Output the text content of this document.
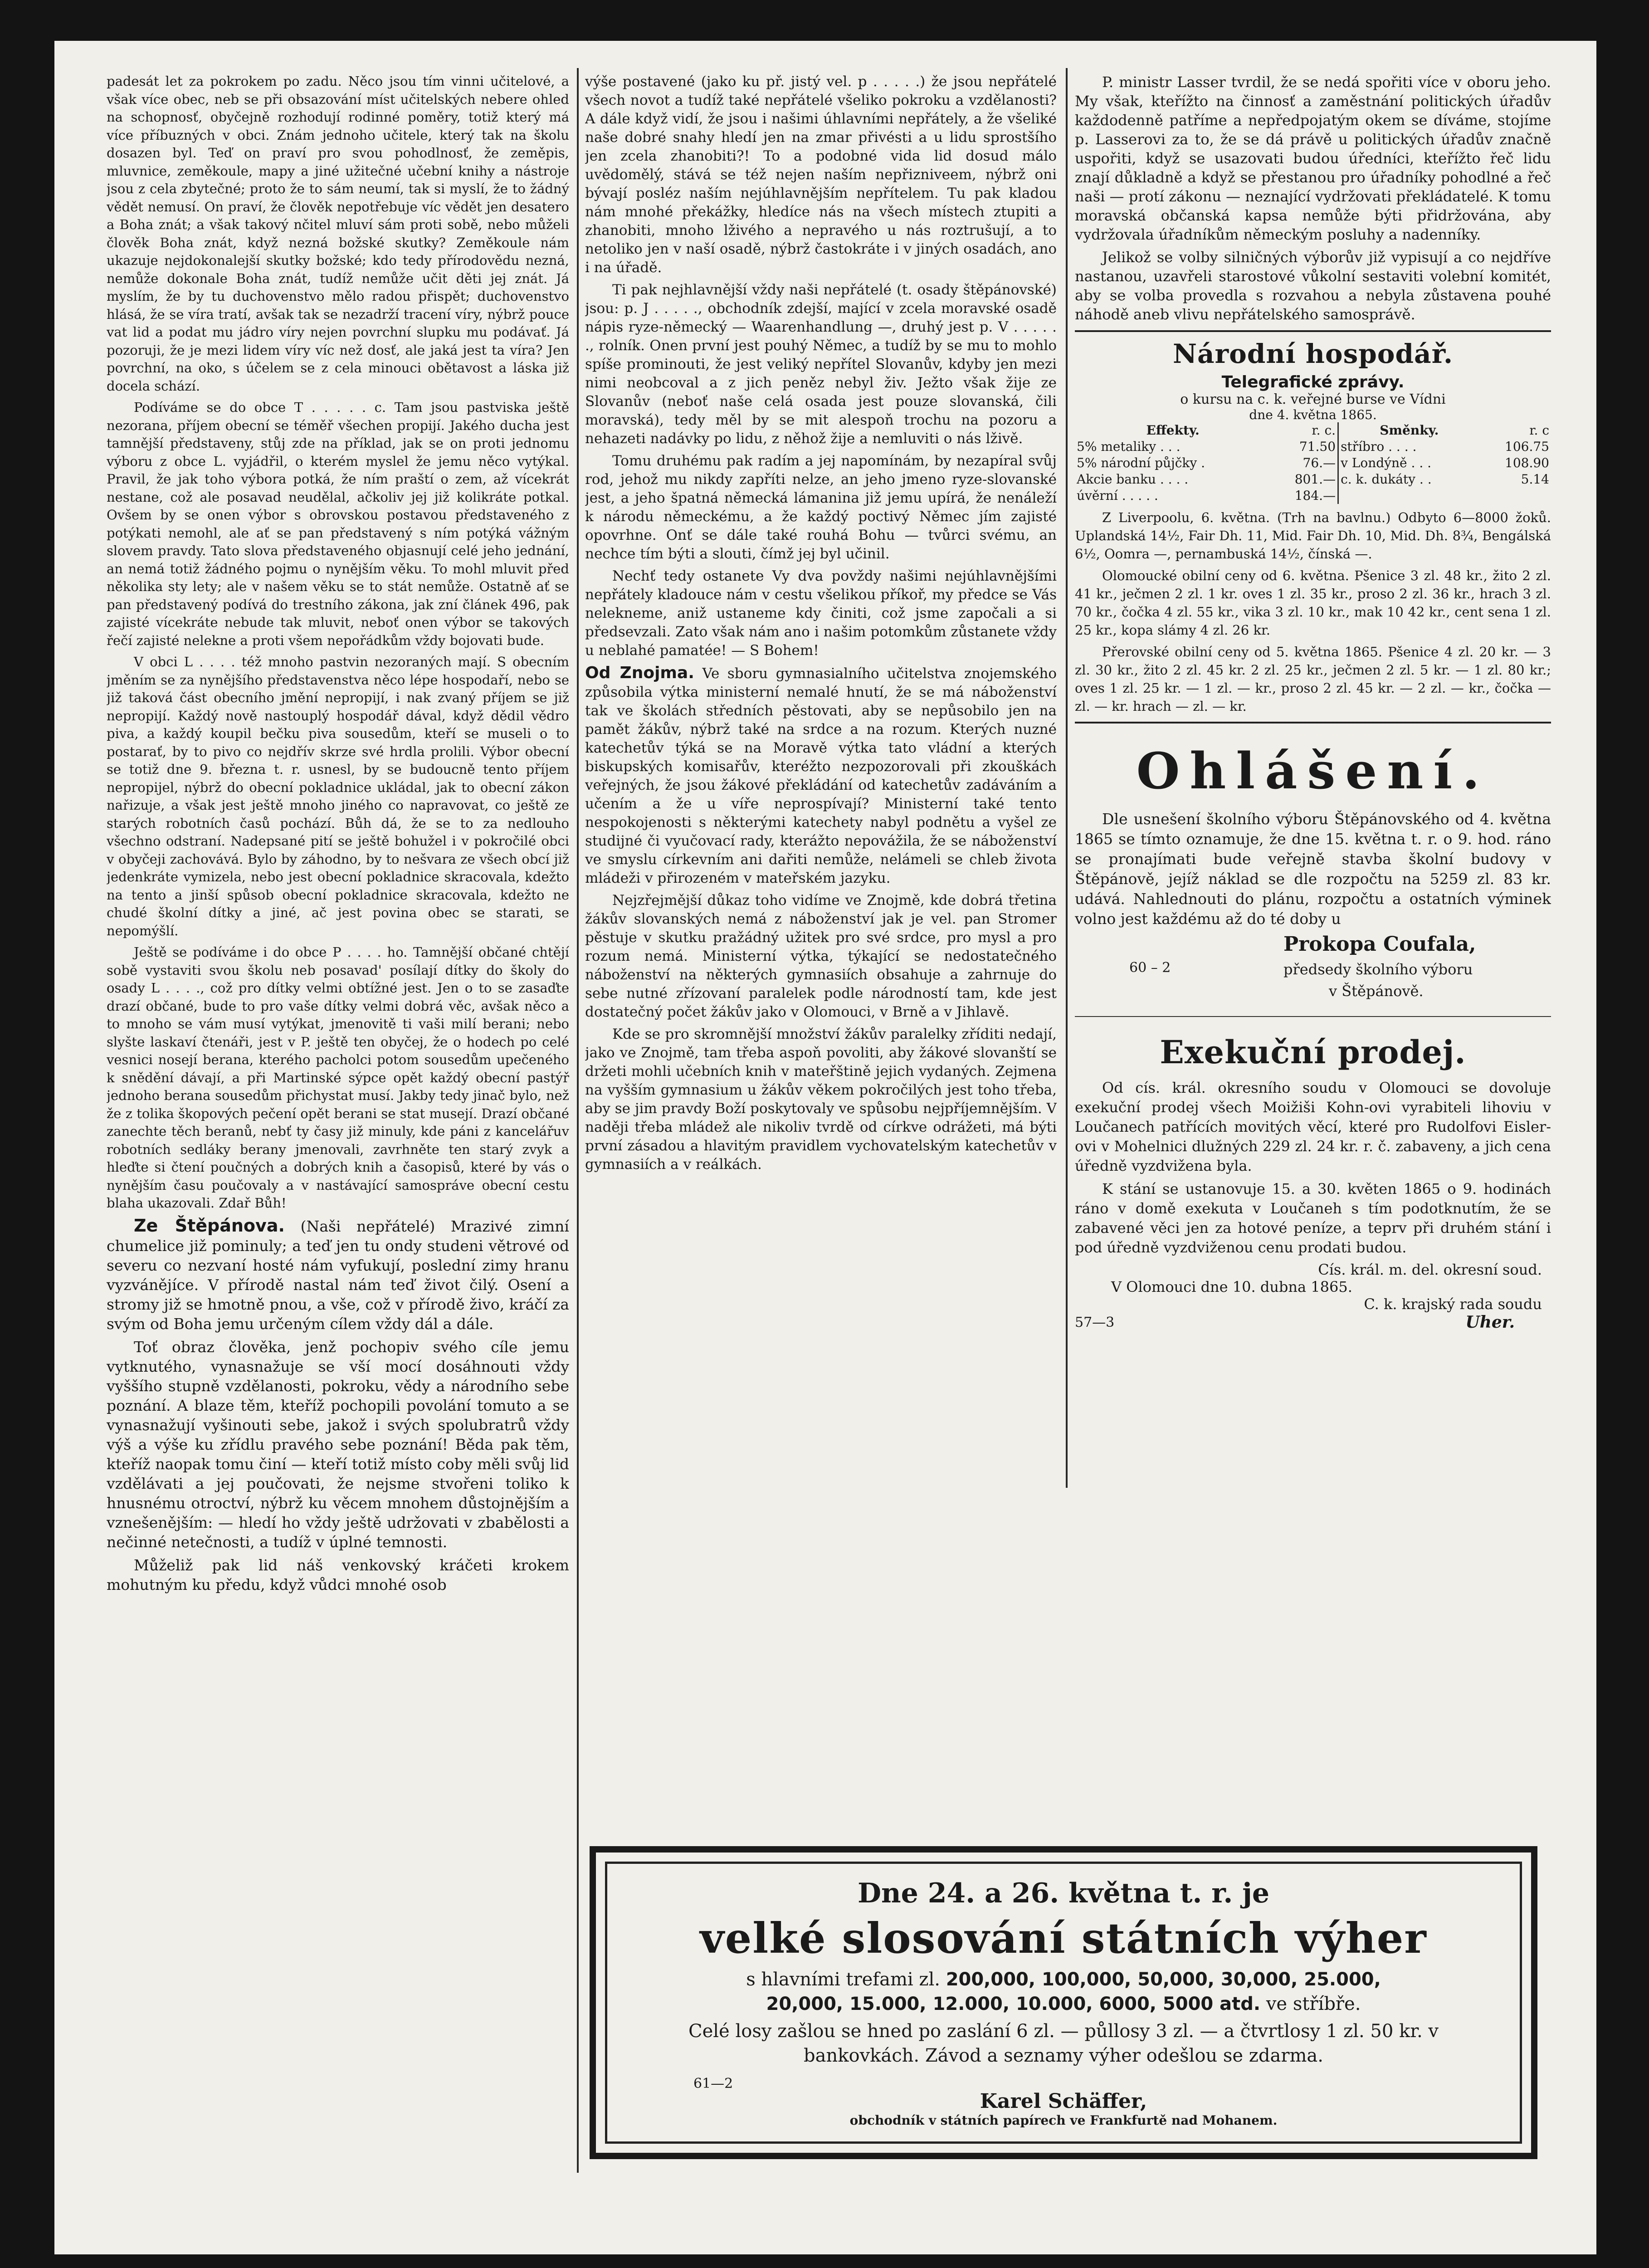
padesát let za pokrokem po zadu. Něco jsou tím vinni učitelové, a však více obec, neb se při obsazování míst učitelských nebere ohled na schopnosť, obyčejně rozhodují rodinné poměry, totiž který má více příbuzných v obci. Znám jednoho učitele, který tak na školu dosazen byl. Teď on praví pro svou pohodlnosť, že zeměpis, mluvnice, zeměkoule, mapy a jiné užitečné učební knihy a nástroje jsou z cela zbytečné; proto že to sám neumí, tak si myslí, že to žádný vědět nemusí. On praví, že člověk nepotřebuje víc vědět jen desatero a Boha znát; a však takový nčitel mluví sám proti sobě, nebo můželi člověk Boha znát, když nezná božské skutky? Zeměkoule nám ukazuje nejdokonalejší skutky božské; kdo tedy přírodovědu nezná, nemůže dokonale Boha znát, tudíž nemůže učit děti jej znát. Já myslím, že by tu duchovenstvo mělo radou přispět; duchovenstvo hlásá, že se víra tratí, avšak tak se nezadrží tracení víry, nýbrž pouce vat lid a podat mu jádro víry nejen povrchní slupku mu podávať. Já pozoruji, že je mezi lidem víry víc než dosť, ale jaká jest ta víra? Jen povrchní, na oko, s účelem se z cela minouci obětavost a láska již docela schází.

Podíváme se do obce T . . . . . c. Tam jsou pastviska ještě nezorana, příjem obecní se téměř všechen propijí. Jakého ducha jest tamnější představeny, stůj zde na příklad, jak se on proti jednomu výboru z obce L. vyjádřil, o kterém myslel že jemu něco vytýkal. Pravil, že jak toho výbora potká, že ním praští o zem, až vícekrát nestane, což ale posavad neudělal, ačkoliv jej již kolikráte potkal. Ovšem by se onen výbor s obrovskou postavou představeného z potýkati nemohl, ale ať se pan představený s ním potýká vážným slovem pravdy. Tato slova představeného objasnují celé jeho jednání, an nemá totiž žádného pojmu o nynějším věku. To mohl mluvit před několika sty lety; ale v našem věku se to stát nemůže. Ostatně ať se pan představený podívá do trestního zákona, jak zní článek 496, pak zajisté vícekráte nebude tak mluvit, neboť onen výbor se takových řečí zajisté nelekne a proti všem nepořádkům vždy bojovati bude.

V obci L . . . . též mnoho pastvin nezoraných mají. S obecním jměním se za nynějšího představenstva něco lépe hospodaří, nebo se již taková část obecního jmění nepropijí, i nak zvaný příjem se již nepropijí. Každý nově nastouplý hospodář dával, když dědil vědro piva, a každý koupil bečku piva sousedům, kteří se museli o to postarať, by to pivo co nejdřív skrze své hrdla prolili. Výbor obecní se totiž dne 9. března t. r. usnesl, by se budoucně tento příjem nepropijel, nýbrž do obecní pokladnice ukládal, jak to obecní zákon nařizuje, a však jest ještě mnoho jiného co napravovat, co ještě ze starých robotních časů pochází. Bůh dá, že se to za nedlouho všechno odstraní. Nadepsané pití se ještě bohužel i v pokročilé obci v obyčeji zachovává. Bylo by záhodno, by to nešvara ze všech obcí již jedenkráte vymizela, nebo jest obecní pokladnice skracovala, kdežto na tento a jinší spůsob obecní pokladnice skracovala, kdežto ne chudé školní dítky a jiné, ač jest povina obec se starati, se nepomýšlí.

Ještě se podíváme i do obce P . . . . ho. Tamnější občané chtějí sobě vystaviti svou školu neb posavad' posílají dítky do školy do osady L . . . ., což pro dítky velmi obtížné jest. Jen o to se zasaďte drazí občané, bude to pro vaše dítky velmi dobrá věc, avšak něco a to mnoho se vám musí vytýkat, jmenovitě ti vaši milí berani; nebo slyšte laskaví čtenáři, jest v P. ještě ten obyčej, že o hodech po celé vesnici nosejí berana, kterého pacholci potom sousedům upečeného k snědění dávají, a při Martinské sýpce opět každý obecní pastýř jednoho berana sousedům přichystat musí. Jakby tedy jinač bylo, než že z tolika škopových pečení opět berani se stat musejí. Drazí občané zanechte těch beranů, nebť ty časy již minuly, kde páni z kancelářuv robotních sedláky berany jmenovali, zavrhněte ten starý zvyk a hleďte si čtení poučných a dobrých knih a časopisů, které by vás o nynějším času poučovaly a v nastávající samospráve obecní cestu blaha ukazovali. Zdař Bůh!

Ze Štěpánova. (Naši nepřátelé) Mrazivé zimní chumelice již pominuly; a teď jen tu ondy studeni větrové od severu co nezvaní hosté nám vyfukují, poslední zimy hranu vyzvánějíce. V přírodě nastal nám teď život čilý. Osení a stromy již se hmotně pnou, a vše, což v přírodě živo, kráčí za svým od Boha jemu určeným cílem vždy dál a dále.

Toť obraz člověka, jenž pochopiv svého cíle jemu vytknutého, vynasnažuje se vší mocí dosáhnouti vždy vyššího stupně vzdělanosti, pokroku, vědy a národního sebe poznání. A blaze těm, kteříž pochopili povolání tomuto a se vynasnažují vyšinouti sebe, jakož i svých spolubratrů vždy výš a výše ku zřídlu pravého sebe poznání! Běda pak těm, kteříž naopak tomu činí — kteří totiž místo coby měli svůj lid vzdělávati a jej poučovati, že nejsme stvořeni toliko k hnusnému otroctví, nýbrž ku věcem mnohem důstojnějším a vznešenějším: — hledí ho vždy ještě udržovati v zbabělosti a nečinné netečnosti, a tudíž v úplné temnosti.

Můželiž pak lid náš venkovský kráčeti krokem mohutným ku předu, když vůdci mnohé osob

výše postavené (jako ku př. jistý vel. p . . . . .) že jsou nepřátelé všech novot a tudíž také nepřátelé všeliko pokroku a vzdělanosti? A dále když vidí, že jsou i našimi úhlavními nepřátely, a že všeliké naše dobré snahy hledí jen na zmar přivésti a u lidu sprostšího jen zcela zhanobiti?! To a podobné vida lid dosud málo uvědomělý, stává se též nejen naším nepřizniveem, nýbrž oni bývají posléz naším nejúhlavnějším nepřítelem. Tu pak kladou nám mnohé překážky, hledíce nás na všech místech ztupiti a zhanobiti, mnoho lživého a nepravého u nás roztrušují, a to netoliko jen v naší osadě, nýbrž častokráte i v jiných osadách, ano i na úřadě.

Ti pak nejhlavnější vždy naši nepřátelé (t. osady štěpánovské) jsou: p. J . . . . ., obchodník zdejší, mající v zcela moravské osadě nápis ryze-německý — Waarenhandlung —, druhý jest p. V . . . . . ., rolník. Onen první jest pouhý Němec, a tudíž by se mu to mohlo spíše prominouti, že jest veliký nepřítel Slovanův, kdyby jen mezi nimi neobcoval a z jich peněz nebyl živ. Ježto však žije ze Slovanův (neboť naše celá osada jest pouze slovanská, čili moravská), tedy měl by se mit alespoň trochu na pozoru a nehazeti nadávky po lidu, z něhož žije a nemluviti o nás lživě.

Tomu druhému pak radím a jej napomínám, by nezapíral svůj rod, jehož mu nikdy zapříti nelze, an jeho jmeno ryze-slovanské jest, a jeho špatná německá lámanina již jemu upírá, že nenáleží k národu německému, a že každý poctivý Němec jím zajisté opovrhne. Onť se dále také rouhá Bohu — tvůrci svému, an nechce tím býti a slouti, čímž jej byl učinil.

Nechť tedy ostanete Vy dva povždy našimi nejúhlavnějšími nepřátely kladouce nám v cestu všelikou příkoř, my předce se Vás nelekneme, aniž ustaneme kdy činiti, což jsme započali a si předsevzali. Zato však nám ano i našim potomkům zůstanete vždy u neblahé pamatée! — S Bohem!

Od Znojma. Ve sboru gymnasialního učitelstva znojemského způsobila výtka ministerní nemalé hnutí, že se má náboženství tak ve školách středních pěstovati, aby se nepůsobilo jen na pamět žákův, nýbrž také na srdce a na rozum. Kterých nuzné katechetův týká se na Moravě výtka tato vládní a kterých biskupských komisařův, kteréžto nezpozorovali při zkouškách veřejných, že jsou žákové překládání od katechetův zadáváním a učením a že u víře neprospívají? Ministerní také tento nespokojenosti s některými katechety nabyl podnětu a vyšel ze studijné či vyučovací rady, kterážto nepovážila, že se náboženství ve smyslu církevním ani dařiti nemůže, nelámeli se chleb života mládeži v přirozeném v mateřském jazyku.

Nejzřejmější důkaz toho vidíme ve Znojmě, kde dobrá třetina žákův slovanských nemá z náboženství jak je vel. pan Stromer pěstuje v skutku pražádný užitek pro své srdce, pro mysl a pro rozum nemá. Ministerní výtka, týkající se nedostatečného náboženství na některých gymnasiích obsahuje a zahrnuje do sebe nutné zřízovaní paralelek podle národností tam, kde jest dostatečný počet žákův jako v Olomouci, v Brně a v Jihlavě.

Kde se pro skromnější množství žákův paralelky zříditi nedají, jako ve Znojmě, tam třeba aspoň povoliti, aby žákové slovanští se držeti mohli učebních knih v mateřštině jejich vydaných. Zejmena na vyšším gymnasium u žákův věkem pokročilých jest toho třeba, aby se jim pravdy Boží poskytovaly ve spůsobu nejpříjemnějším. V naději třeba mládež ale nikoliv tvrdě od církve odrážeti, má býti první zásadou a hlavitým pravidlem vychovatelským katechetův v gymnasiích a v reálkách.

P. ministr Lasser tvrdil, že se nedá spořiti více v oboru jeho. My však, kteřížto na činnosť a zaměstnání politických úřadův každodenně patříme a nepředpojatým okem se díváme, stojíme p. Lasserovi za to, že se dá právě u politických úřadův značně uspořiti, když se usazovati budou úředníci, kteřížto řeč lidu znají důkladně a když se přestanou pro úřadníky pohodlné a řeč naši — protí zákonu — neznající vydržovati překládatelé. K tomu moravská občanská kapsa nemůže býti přidržována, aby vydržovala úřadníkům německým posluhy a nadenníky.

Jelikož se volby silničných výborův již vypisují a co nejdříve nastanou, uzavřeli starostové vůkolní sestaviti volební komitét, aby se volba provedla s rozvahou a nebyla zůstavena pouhé náhodě aneb vlivu nepřátelského samosprávě.

Národní hospodář.
Telegrafické zprávy.
o kursu na c. k. veřejné burse ve Vídni
dne 4. května 1865.
Effekty.	r. c.	Směnky.	r. c
5% metaliky . . .	71.50	stříbro . . . .	106.75
5% národní půjčky .	76.—	v Londýně . . .	108.90
Akcie banku . . . .	801.—	c. k. dukáty . .	5.14
úvěrní . . . . .	184.—		

Z Liverpoolu, 6. května. (Trh na bavlnu.) Odbyto 6—8000 žoků. Uplandská 14½, Fair Dh. 11, Mid. Fair Dh. 10, Mid. Dh. 8¾, Bengálská 6½, Oomra —, pernambuská 14½, čínská —.

Olomoucké obilní ceny od 6. května. Pšenice 3 zl. 48 kr., žito 2 zl. 41 kr., ječmen 2 zl. 1 kr. oves 1 zl. 35 kr., proso 2 zl. 36 kr., hrach 3 zl. 70 kr., čočka 4 zl. 55 kr., vika 3 zl. 10 kr., mak 10 42 kr., cent sena 1 zl. 25 kr., kopa slámy 4 zl. 26 kr.

Přerovské obilní ceny od 5. května 1865. Pšenice 4 zl. 20 kr. — 3 zl. 30 kr., žito 2 zl. 45 kr. 2 zl. 25 kr., ječmen 2 zl. 5 kr. — 1 zl. 80 kr.; oves 1 zl. 25 kr. — 1 zl. — kr., proso 2 zl. 45 kr. — 2 zl. — kr., čočka — zl. — kr. hrach — zl. — kr.

Ohlášení.

Dle usnešení školního výboru Štěpánovského od 4. května 1865 se tímto oznamuje, že dne 15. května t. r. o 9. hod. ráno se pronajímati bude veřejně stavba školní budovy v Štěpánově, jejíž náklad se dle rozpočtu na 5259 zl. 83 kr. udává. Nahlednouti do plánu, rozpočtu a ostatních výminek volno jest každému až do té doby u

60 – 2
Prokopa Coufala,
předsedy školního výboru
v Štěpánově.
Exekuční prodej.

Od cís. král. okresního soudu v Olomouci se dovoluje exekuční prodej všech Moižiši Kohn-ovi vyrabiteli lihoviu v Loučanech patřících movitých věcí, které pro Rudolfovi Eisler-ovi v Mohelnici dlužných 229 zl. 24 kr. r. č. zabaveny, a jich cena úředně vyzdvižena byla.

K stání se ustanovuje 15. a 30. květen 1865 o 9. hodinách ráno v domě exekuta v Loučaneh s tím podotknutím, že se zabavené věci jen za hotové peníze, a teprv při druhém stání i pod úředně vyzdviženou cenu prodati budou.

Cís. král. m. del. okresní soud.
V Olomouci dne 10. dubna 1865.
C. k. krajský rada soudu
57—3	Uher.
Dne 24. a 26. května t. r. je
velké slosování státních výher
s hlavními trefami zl. 200,000, 100,000, 50,000, 30,000, 25.000,
20,000, 15.000, 12.000, 10.000, 6000, 5000 atd. ve stříbře.
Celé losy zašlou se hned po zaslání 6 zl. — půllosy 3 zl. — a čtvrtlosy 1 zl. 50 kr. v bankovkách. Závod a seznamy výher odešlou se zdarma.
61—2
Karel Schäffer,
obchodník v státních papírech ve Frankfurtě nad Mohanem.
